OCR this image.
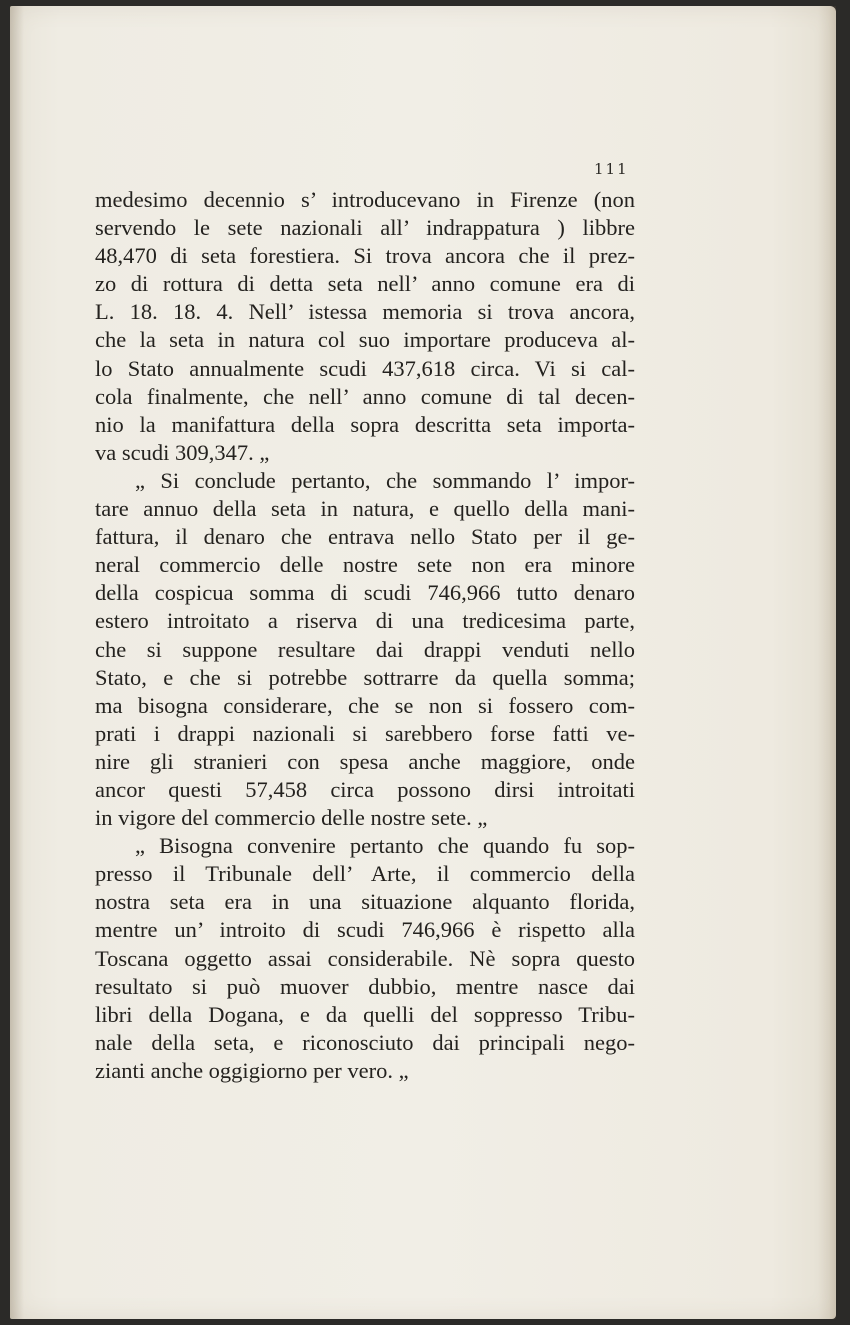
111
medesimo decennio s’ introducevano in Firenze (non
servendo le sete nazionali all’ indrappatura ) libbre
48,470 di seta forestiera. Si trova ancora che il prez-
zo di rottura di detta seta nell’ anno comune era di
L. 18. 18. 4. Nell’ istessa memoria si trova ancora,
che la seta in natura col suo importare produceva al-
lo Stato annualmente scudi 437,618 circa. Vi si cal-
cola finalmente, che nell’ anno comune di tal decen-
nio la manifattura della sopra descritta seta importa-
va scudi 309,347. „
„ Si conclude pertanto, che sommando l’ impor-
tare annuo della seta in natura, e quello della mani-
fattura, il denaro che entrava nello Stato per il ge-
neral commercio delle nostre sete non era minore
della cospicua somma di scudi 746,966 tutto denaro
estero introitato a riserva di una tredicesima parte,
che si suppone resultare dai drappi venduti nello
Stato, e che si potrebbe sottrarre da quella somma;
ma bisogna considerare, che se non si fossero com-
prati i drappi nazionali si sarebbero forse fatti ve-
nire gli stranieri con spesa anche maggiore, onde
ancor questi 57,458 circa possono dirsi introitati
in vigore del commercio delle nostre sete. „
„ Bisogna convenire pertanto che quando fu sop-
presso il Tribunale dell’ Arte, il commercio della
nostra seta era in una situazione alquanto florida,
mentre un’ introito di scudi 746,966 è rispetto alla
Toscana oggetto assai considerabile. Nè sopra questo
resultato si può muover dubbio, mentre nasce dai
libri della Dogana, e da quelli del soppresso Tribu-
nale della seta, e riconosciuto dai principali nego-
zianti anche oggigiorno per vero. „
